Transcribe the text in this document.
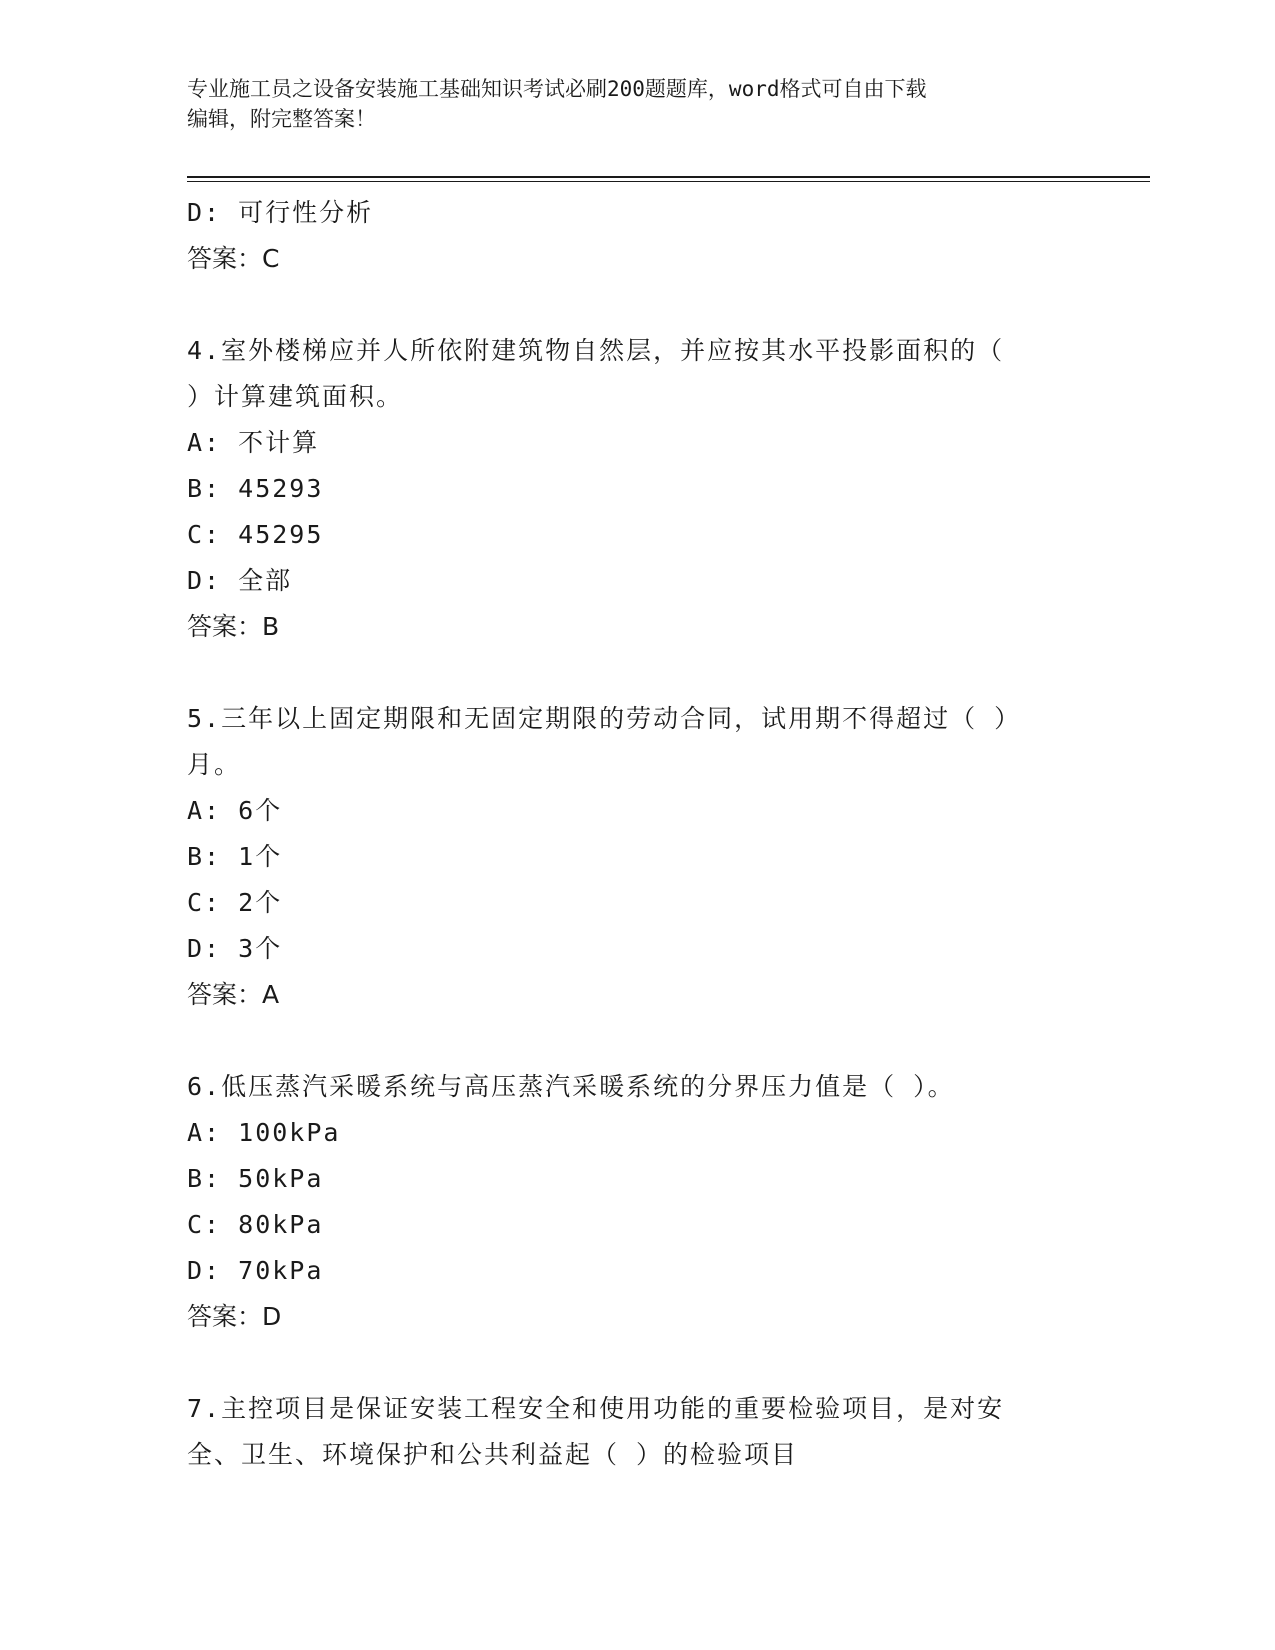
专业施工员之设备安装施工基础知识考试必刷200题题库，word格式可自由下载
编辑，附完整答案！
D: 可行性分析
答案：C
4.室外楼梯应并人所依附建筑物自然层，并应按其水平投影面积的（
）计算建筑面积。
A: 不计算
B: 45293
C: 45295
D: 全部
答案：B
5.三年以上固定期限和无固定期限的劳动合同，试用期不得超过（ ）
月。
A: 6个
B: 1个
C: 2个
D: 3个
答案：A
6.低压蒸汽采暖系统与高压蒸汽采暖系统的分界压力值是（ ）。
A: 100kPa
B: 50kPa
C: 80kPa
D: 70kPa
答案：D
7.主控项目是保证安装工程安全和使用功能的重要检验项目，是对安
全、卫生、环境保护和公共利益起（ ）的检验项目
